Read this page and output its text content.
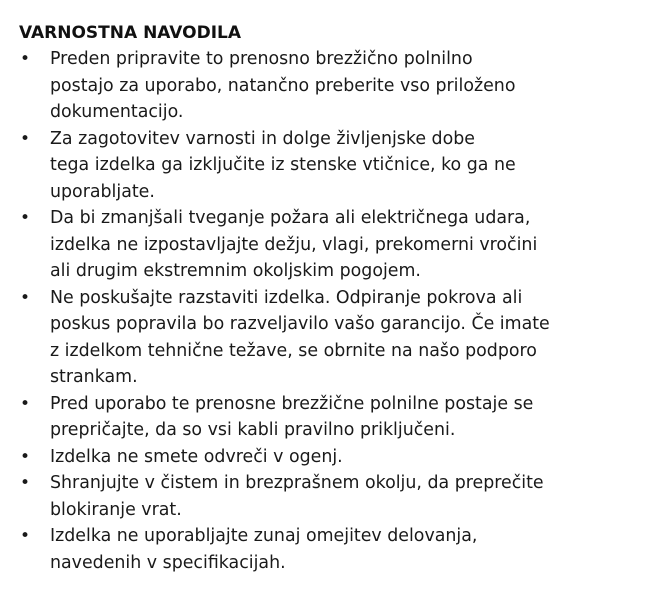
VARNOSTNA NAVODILA
• Preden pripravite to prenosno brezžično polnilno
postajo za uporabo, natančno preberite vso priloženo
dokumentacijo.
• Za zagotovitev varnosti in dolge življenjske dobe
tega izdelka ga izključite iz stenske vtičnice, ko ga ne
uporabljate.
• Da bi zmanjšali tveganje požara ali električnega udara,
izdelka ne izpostavljajte dežju, vlagi, prekomerni vročini
ali drugim ekstremnim okoljskim pogojem.
• Ne poskušajte razstaviti izdelka. Odpiranje pokrova ali
poskus popravila bo razveljavilo vašo garancijo. Če imate
z izdelkom tehnične težave, se obrnite na našo podporo
strankam.
• Pred uporabo te prenosne brezžične polnilne postaje se
prepričajte, da so vsi kabli pravilno priključeni.
• Izdelka ne smete odvreči v ogenj.
• Shranjujte v čistem in brezprašnem okolju, da preprečite
blokiranje vrat.
• Izdelka ne uporabljajte zunaj omejitev delovanja,
navedenih v specifikacijah.
